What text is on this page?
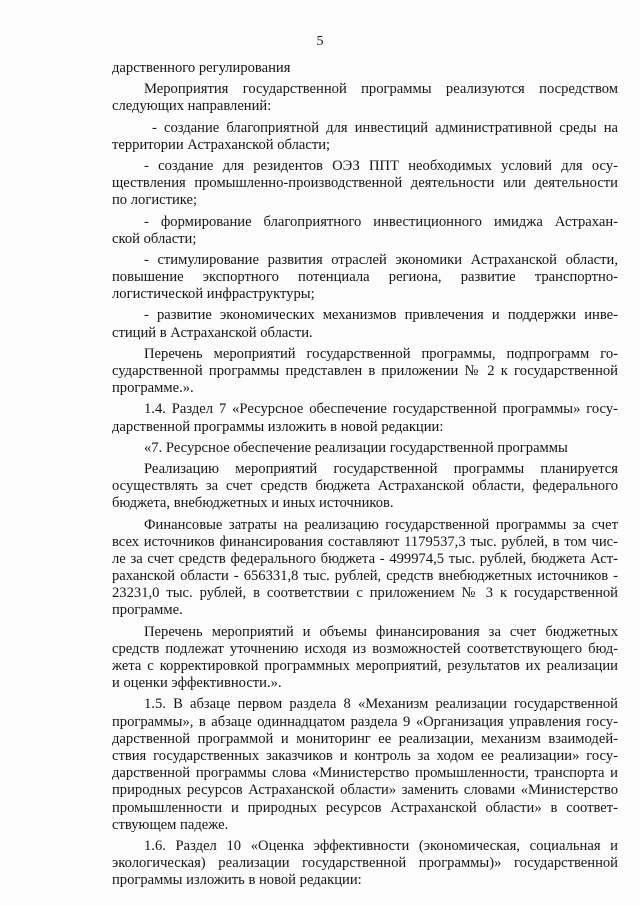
5
дарственного регулирования
Мероприятия государственной программы реализуются посредством
следующих направлений:
- создание благоприятной для инвестиций административной среды на
территории Астраханской области;
- создание для резидентов ОЭЗ ППТ необходимых условий для осу-
ществления промышленно-производственной деятельности или деятельности
по логистике;
- формирование благоприятного инвестиционного имиджа Астрахан-
ской области;
- стимулирование развития отраслей экономики Астраханской области,
повышение экспортного потенциала региона, развитие транспортно-
логистической инфраструктуры;
- развитие экономических механизмов привлечения и поддержки инве-
стиций в Астраханской области.
Перечень мероприятий государственной программы, подпрограмм го-
сударственной программы представлен в приложении № 2 к государственной
программе.».
1.4. Раздел 7 «Ресурсное обеспечение государственной программы» госу-
дарственной программы изложить в новой редакции:
«7. Ресурсное обеспечение реализации государственной программы
Реализацию мероприятий государственной программы планируется
осуществлять за счет средств бюджета Астраханской области, федерального
бюджета, внебюджетных и иных источников.
Финансовые затраты на реализацию государственной программы за счет
всех источников финансирования составляют 1179537,3 тыс. рублей, в том чис-
ле за счет средств федерального бюджета - 499974,5 тыс. рублей, бюджета Аст-
раханской области - 656331,8 тыс. рублей, средств внебюджетных источников -
23231,0 тыс. рублей, в соответствии с приложением № 3 к государственной
программе.
Перечень мероприятий и объемы финансирования за счет бюджетных
средств подлежат уточнению исходя из возможностей соответствующего бюд-
жета с корректировкой программных мероприятий, результатов их реализации
и оценки эффективности.».
1.5. В абзаце первом раздела 8 «Механизм реализации государственной
программы», в абзаце одиннадцатом раздела 9 «Организация управления госу-
дарственной программой и мониторинг ее реализации, механизм взаимодей-
ствия государственных заказчиков и контроль за ходом ее реализации» госу-
дарственной программы слова «Министерство промышленности, транспорта и
природных ресурсов Астраханской области» заменить словами «Министерство
промышленности и природных ресурсов Астраханской области» в соответ-
ствующем падеже.
1.6. Раздел 10 «Оценка эффективности (экономическая, социальная и
экологическая) реализации государственной программы)» государственной
программы изложить в новой редакции:
